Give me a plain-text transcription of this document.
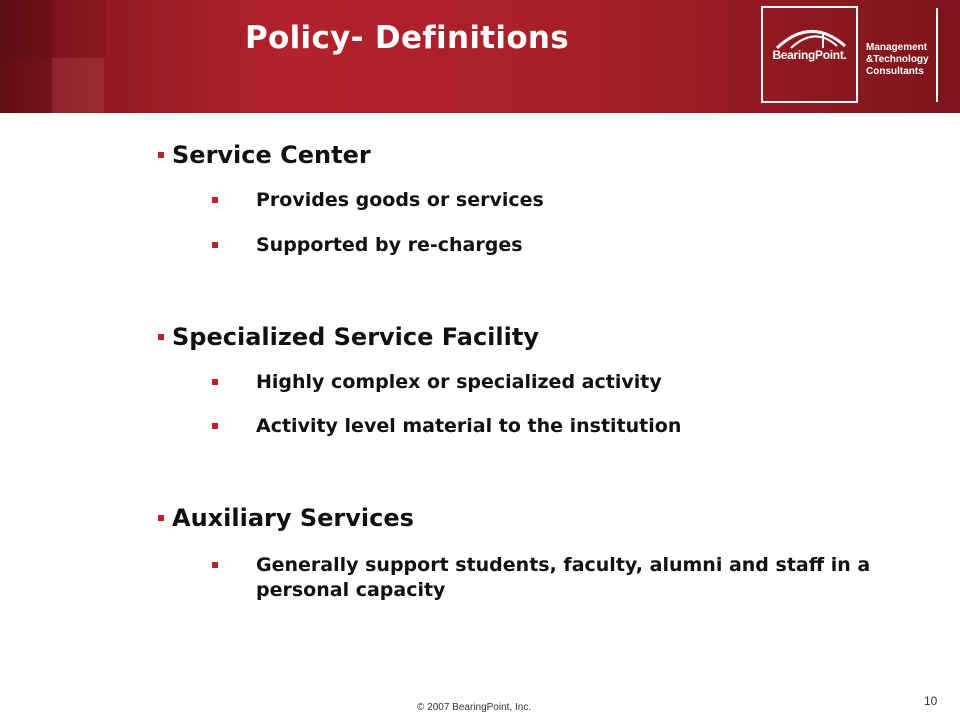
Policy- Definitions	BearingPoint.
Management
&Technology
Consultants
Service Center
Provides goods or services
Supported by re-charges
Specialized Service Facility
Highly complex or specialized activity
Activity level material to the institution
Auxiliary Services
Generally support students, faculty, alumni and staff in a personal capacity
© 2007 BearingPoint, Inc.	10
